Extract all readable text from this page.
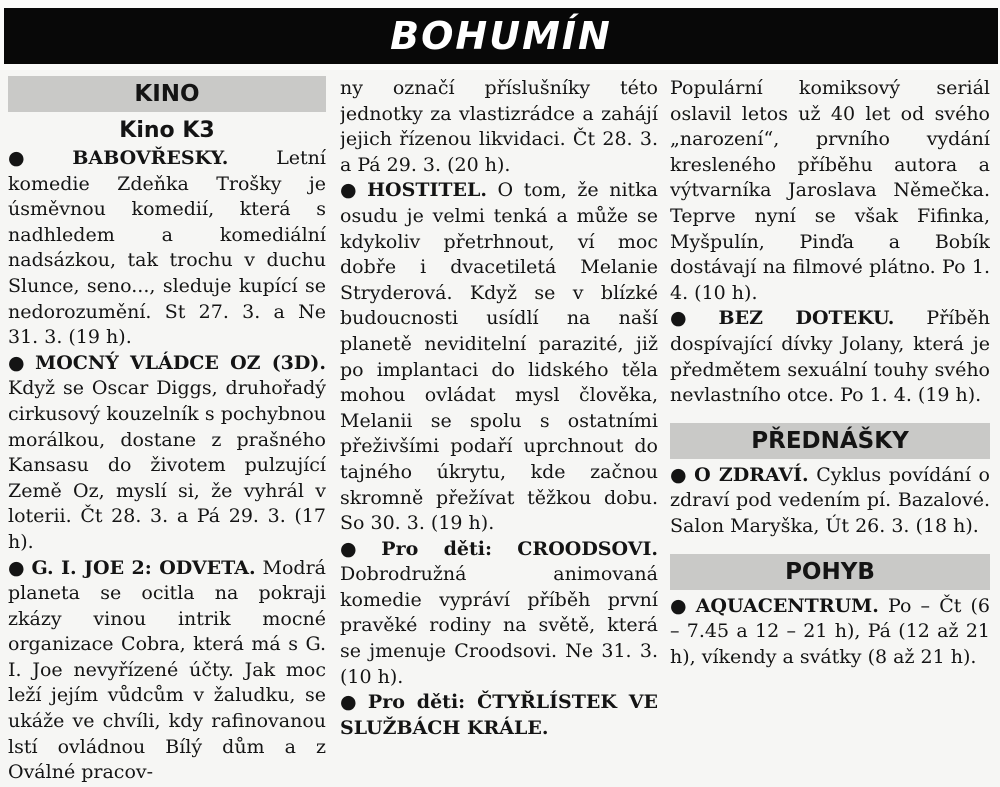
BOHUMÍN
KINO
Kino K3

● BABOVŘESKY.	Letní komedie Zdeňka Trošky je úsměvnou komedií, která s nadhledem a komediální nadsázkou, tak trochu v duchu Slunce, seno..., sleduje kupící se nedorozumění. St 27. 3. a Ne 31. 3. (19 h).

● MOCNÝ VLÁDCE OZ (3D). Když se Oscar Diggs, druhořadý cirkusový kouzelník s pochybnou morálkou, dostane z prašného Kansasu do životem pulzující Země Oz, myslí si, že vyhrál v loterii. Čt 28. 3. a Pá 29. 3. (17 h).

● G. I. JOE 2: ODVETA. Modrá planeta se ocitla na pokraji zkázy vinou intrik mocné organizace Cobra, která má s G. I. Joe nevyřízené účty. Jak moc leží jejím vůdcům v žaludku, se ukáže ve chvíli, kdy rafinovanou lstí ovládnou Bílý dům a z Oválné pracov-

ny označí příslušníky této jednotky za vlastizrádce a zahájí jejich řízenou likvidaci. Čt 28. 3. a Pá 29. 3. (20 h).

● HOSTITEL. O tom, že nitka osudu je velmi tenká a může se kdykoliv přetrhnout, ví moc dobře i dvacetiletá Melanie Stryderová. Když se v blízké budoucnosti usídlí na naší planetě neviditelní parazité, již po implantaci do lidského těla mohou ovládat mysl člověka, Melanii se spolu s ostatními přeživšími podaří uprchnout do tajného úkrytu, kde začnou skromně přežívat těžkou dobu. So 30. 3. (19 h).

● Pro děti: CROODSOVI. Dobrodružná animovaná komedie vypráví příběh první pravěké rodiny na světě, která se jmenuje Croodsovi. Ne 31. 3. (10 h).

● Pro děti: ČTYŘLÍSTEK VE SLUŽBÁCH KRÁLE.

Populární komiksový seriál oslavil letos už 40 let od svého „narození“, prvního vydání kresleného příběhu autora a výtvarníka Jaroslava Němečka. Teprve nyní se však Fifinka, Myšpulín, Pinďa a Bobík dostávají na filmové plátno. Po 1. 4. (10 h).

● BEZ DOTEKU. Příběh dospívající dívky Jolany, která je předmětem sexuální touhy svého nevlastního otce. Po 1. 4. (19 h).

PŘEDNÁŠKY

● O ZDRAVÍ. Cyklus povídání o zdraví pod vedením pí. Bazalové. Salon Maryška, Út 26. 3. (18 h).

POHYB

● AQUACENTRUM. Po – Čt (6 – 7.45 a 12 – 21 h), Pá (12 až 21 h), víkendy a svátky (8 až 21 h).
